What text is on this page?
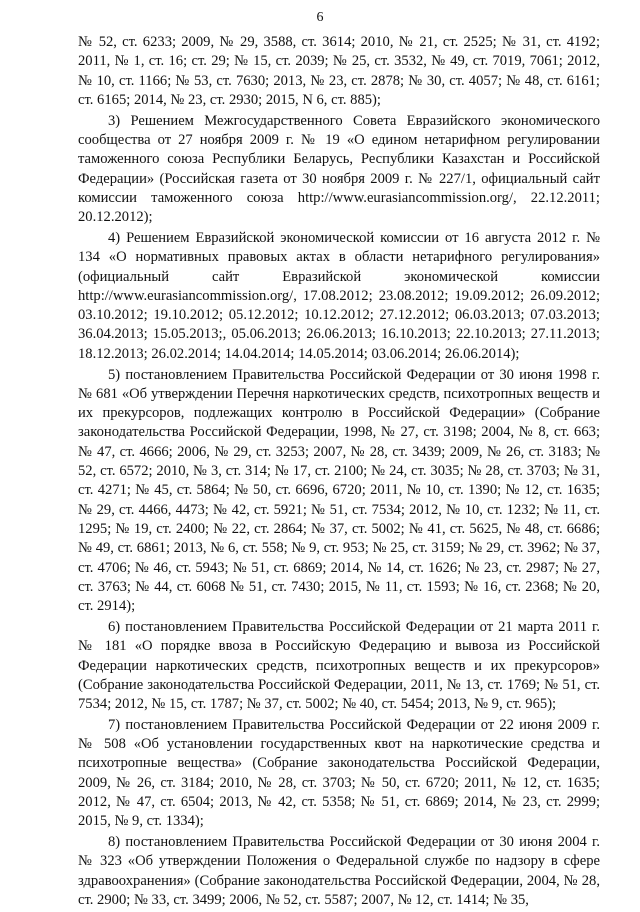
6

№ 52, ст. 6233; 2009, № 29, 3588, ст. 3614; 2010, № 21, ст. 2525; № 31, ст. 4192; 2011, № 1, ст. 16; ст. 29; № 15, ст. 2039; № 25, ст. 3532, № 49, ст. 7019, 7061; 2012, № 10, ст. 1166; № 53, ст. 7630; 2013, № 23, ст. 2878; № 30, ст. 4057; № 48, ст. 6161; ст. 6165; 2014, № 23, ст. 2930; 2015, N 6, ст. 885);

3) Решением Межгосударственного Совета Евразийского экономического сообщества от 27 ноября 2009 г. № 19 «О едином нетарифном регулировании таможенного союза Республики Беларусь, Республики Казахстан и Российской Федерации» (Российская газета от 30 ноября 2009 г. № 227/1, официальный сайт комиссии таможенного союза http://www.eurasiancommission.org/, 22.12.2011; 20.12.2012);

4) Решением Евразийской экономической комиссии от 16 августа 2012 г. № 134 «О нормативных правовых актах в области нетарифного регулирования» (официальный сайт Евразийской экономической комиссии http://www.eurasiancommission.org/, 17.08.2012; 23.08.2012; 19.09.2012; 26.09.2012; 03.10.2012; 19.10.2012; 05.12.2012; 10.12.2012; 27.12.2012; 06.03.2013; 07.03.2013; 36.04.2013; 15.05.2013;, 05.06.2013; 26.06.2013; 16.10.2013; 22.10.2013; 27.11.2013; 18.12.2013; 26.02.2014; 14.04.2014; 14.05.2014; 03.06.2014; 26.06.2014);

5) постановлением Правительства Российской Федерации от 30 июня 1998 г. № 681 «Об утверждении Перечня наркотических средств, психотропных веществ и их прекурсоров, подлежащих контролю в Российской Федерации» (Собрание законодательства Российской Федерации, 1998, № 27, ст. 3198; 2004, № 8, ст. 663; № 47, ст. 4666; 2006, № 29, ст. 3253; 2007, № 28, ст. 3439; 2009, № 26, ст. 3183; № 52, ст. 6572; 2010, № 3, ст. 314; № 17, ст. 2100; № 24, ст. 3035; № 28, ст. 3703; № 31, ст. 4271; № 45, ст. 5864; № 50, ст. 6696, 6720; 2011, № 10, ст. 1390; № 12, ст. 1635; № 29, ст. 4466, 4473; № 42, ст. 5921; № 51, ст. 7534; 2012, № 10, ст. 1232; № 11, ст. 1295; № 19, ст. 2400; № 22, ст. 2864; № 37, ст. 5002; № 41, ст. 5625, № 48, ст. 6686; № 49, ст. 6861; 2013, № 6, ст. 558; № 9, ст. 953; № 25, ст. 3159; № 29, ст. 3962; № 37, ст. 4706; № 46, ст. 5943; № 51, ст. 6869; 2014, № 14, ст. 1626; № 23, ст. 2987; № 27, ст. 3763; № 44, ст. 6068 № 51, ст. 7430; 2015, № 11, ст. 1593; № 16, ст. 2368; № 20, ст. 2914);

6) постановлением Правительства Российской Федерации от 21 марта 2011 г. № 181 «О порядке ввоза в Российскую Федерацию и вывоза из Российской Федерации наркотических средств, психотропных веществ и их прекурсоров» (Собрание законодательства Российской Федерации, 2011, № 13, ст. 1769; № 51, ст. 7534; 2012, № 15, ст. 1787; № 37, ст. 5002; № 40, ст. 5454; 2013, № 9, ст. 965);

7) постановлением Правительства Российской Федерации от 22 июня 2009 г. № 508 «Об установлении государственных квот на наркотические средства и психотропные вещества» (Собрание законодательства Российской Федерации, 2009, № 26, ст. 3184; 2010, № 28, ст. 3703; № 50, ст. 6720; 2011, № 12, ст. 1635; 2012, № 47, ст. 6504; 2013, № 42, ст. 5358; № 51, ст. 6869; 2014, № 23, ст. 2999; 2015, № 9, ст. 1334);

8) постановлением Правительства Российской Федерации от 30 июня 2004 г. № 323 «Об утверждении Положения о Федеральной службе по надзору в сфере здравоохранения» (Собрание законодательства Российской Федерации, 2004, № 28, ст. 2900; № 33, ст. 3499; 2006, № 52, ст. 5587; 2007, № 12, ст. 1414; № 35,
